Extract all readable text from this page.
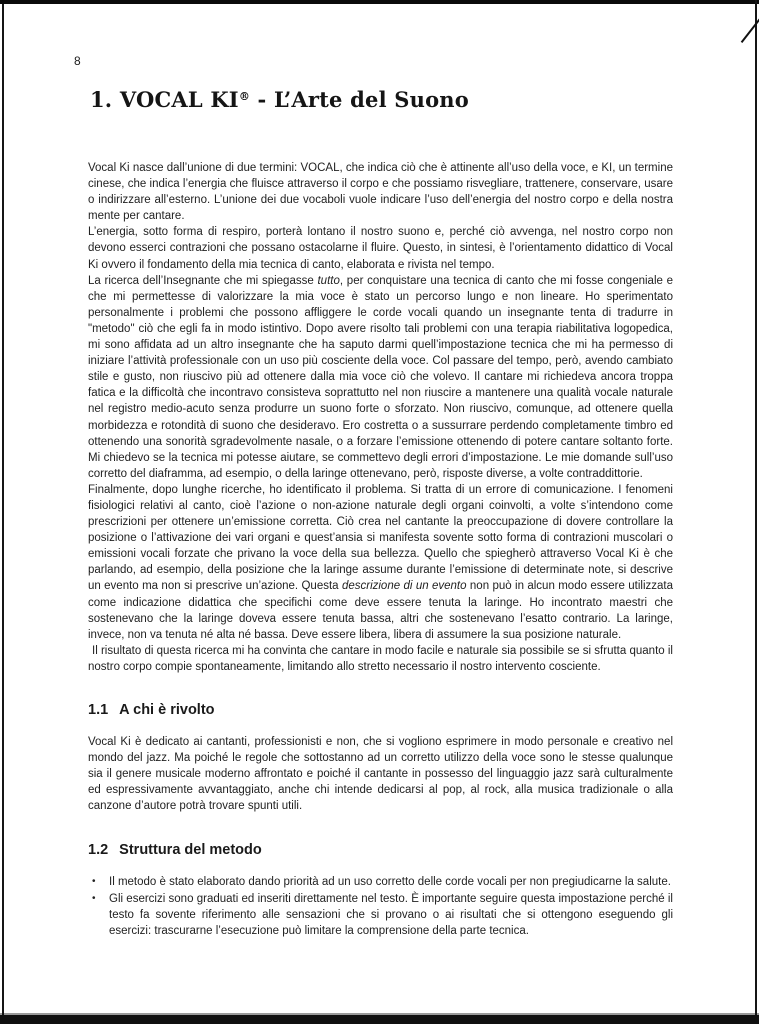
8
1. VOCAL KI® - L’Arte del Suono

Vocal Ki nasce dall’unione di due termini: VOCAL, che indica ciò che è attinente all’uso della voce, e KI, un termine cinese, che indica l’energia che fluisce attraverso il corpo e che possiamo risvegliare, trattenere, conservare, usare o indirizzare all’esterno. L’unione dei due vocaboli vuole indicare l’uso dell’energia del nostro corpo e della nostra mente per cantare.

L’energia, sotto forma di respiro, porterà lontano il nostro suono e, perché ciò avvenga, nel nostro corpo non devono esserci contrazioni che possano ostacolarne il fluire. Questo, in sintesi, è l’orientamento didattico di Vocal Ki ovvero il fondamento della mia tecnica di canto, elaborata e rivista nel tempo.

La ricerca dell’Insegnante che mi spiegasse tutto, per conquistare una tecnica di canto che mi fosse congeniale e che mi permettesse di valorizzare la mia voce è stato un percorso lungo e non lineare. Ho sperimentato personalmente i problemi che possono affliggere le corde vocali quando un insegnante tenta di tradurre in "metodo" ciò che egli fa in modo istintivo. Dopo avere risolto tali problemi con una terapia riabilitativa logopedica, mi sono affidata ad un altro insegnante che ha saputo darmi quell’impostazione tecnica che mi ha permesso di iniziare l’attività professionale con un uso più cosciente della voce. Col passare del tempo, però, avendo cambiato stile e gusto, non riuscivo più ad ottenere dalla mia voce ciò che volevo. Il cantare mi richiedeva ancora troppa fatica e la difficoltà che incontravo consisteva soprattutto nel non riuscire a mantenere una qualità vocale naturale nel registro medio-acuto senza produrre un suono forte o sforzato. Non riuscivo, comunque, ad ottenere quella morbidezza e rotondità di suono che desideravo. Ero costretta o a sussurrare perdendo completamente timbro ed ottenendo una sonorità sgradevolmente nasale, o a forzare l’emissione ottenendo di potere cantare soltanto forte. Mi chiedevo se la tecnica mi potesse aiutare, se commettevo degli errori d’impostazione. Le mie domande sull’uso corretto del diaframma, ad esempio, o della laringe ottenevano, però, risposte diverse, a volte contraddittorie.

Finalmente, dopo lunghe ricerche, ho identificato il problema. Si tratta di un errore di comunicazione. I fenomeni fisiologici relativi al canto, cioè l’azione o non-azione naturale degli organi coinvolti, a volte s’intendono come prescrizioni per ottenere un’emissione corretta. Ciò crea nel cantante la preoccupazione di dovere controllare la posizione o l’attivazione dei vari organi e quest’ansia si manifesta sovente sotto forma di contrazioni muscolari o emissioni vocali forzate che privano la voce della sua bellezza. Quello che spiegherò attraverso Vocal Ki è che parlando, ad esempio, della posizione che la laringe assume durante l’emissione di determinate note, si descrive un evento ma non si prescrive un’azione. Questa descrizione di un evento non può in alcun modo essere utilizzata come indicazione didattica che specifichi come deve essere tenuta la laringe. Ho incontrato maestri che sostenevano che la laringe doveva essere tenuta bassa, altri che sostenevano l’esatto contrario. La laringe, invece, non va tenuta né alta né bassa. Deve essere libera, libera di assumere la sua posizione naturale.

Il risultato di questa ricerca mi ha convinta che cantare in modo facile e naturale sia possibile se si sfrutta quanto il nostro corpo compie spontaneamente, limitando allo stretto necessario il nostro intervento cosciente.

1.1 A chi è rivolto

Vocal Ki è dedicato ai cantanti, professionisti e non, che si vogliono esprimere in modo personale e creativo nel mondo del jazz. Ma poiché le regole che sottostanno ad un corretto utilizzo della voce sono le stesse qualunque sia il genere musicale moderno affrontato e poiché il cantante in possesso del linguaggio jazz sarà culturalmente ed espressivamente avvantaggiato, anche chi intende dedicarsi al pop, al rock, alla musica tradizionale o alla canzone d’autore potrà trovare spunti utili.

1.2 Struttura del metodo
• Il metodo è stato elaborato dando priorità ad un uso corretto delle corde vocali per non pregiudicarne la salute.
• Gli esercizi sono graduati ed inseriti direttamente nel testo. È importante seguire questa impostazione perché il testo fa sovente riferimento alle sensazioni che si provano o ai risultati che si ottengono eseguendo gli esercizi: trascurarne l’esecuzione può limitare la comprensione della parte tecnica.
